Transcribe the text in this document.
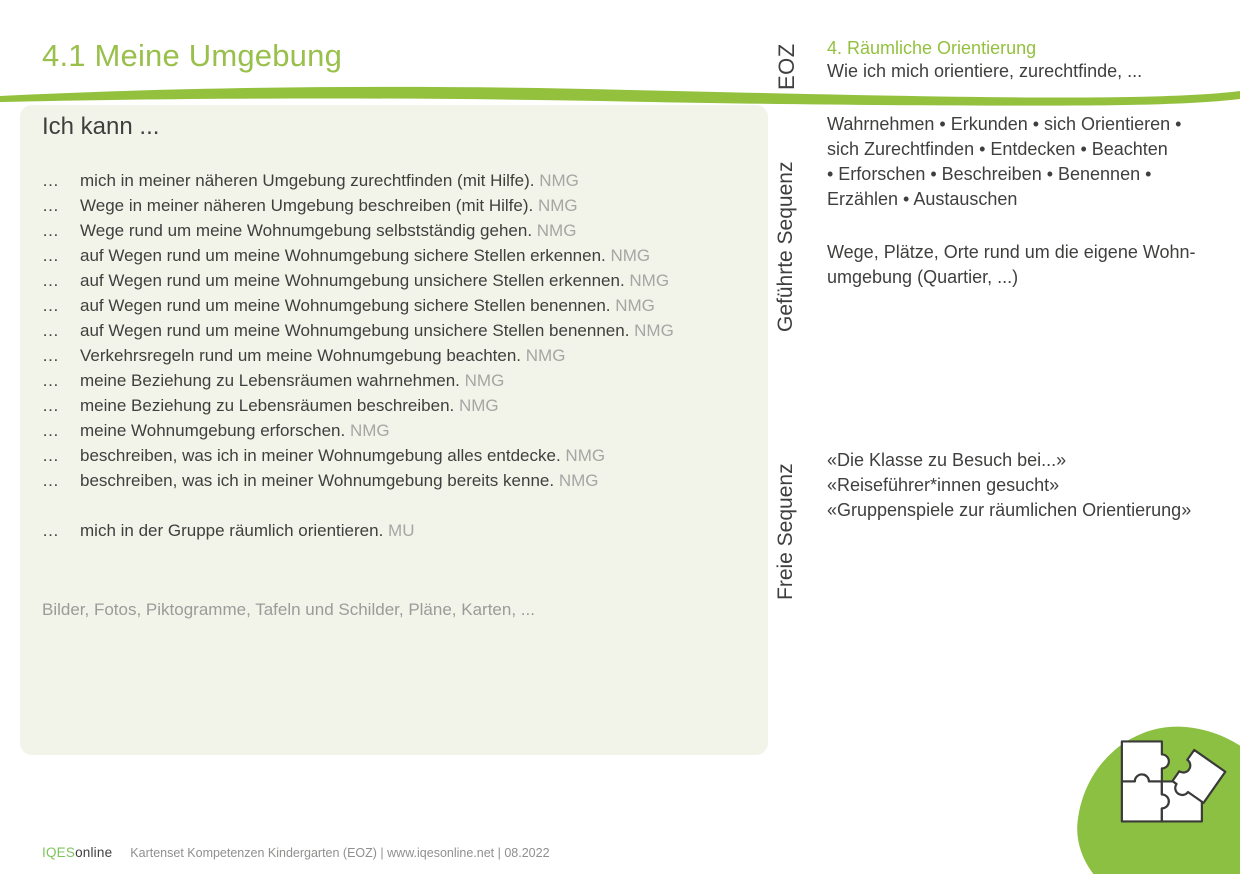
4.1 Meine Umgebung	EOZ 4. Räumliche Orientierung
Wie ich mich orientiere, zurechtfinde, ...
Ich kann ...
…	mich in meiner näheren Umgebung zurechtfinden (mit Hilfe). NMG
…	Wege in meiner näheren Umgebung beschreiben (mit Hilfe). NMG
…	Wege rund um meine Wohnumgebung selbstständig gehen. NMG
…	auf Wegen rund um meine Wohnumgebung sichere Stellen erkennen. NMG
…	auf Wegen rund um meine Wohnumgebung unsichere Stellen erkennen. NMG
…	auf Wegen rund um meine Wohnumgebung sichere Stellen benennen. NMG
…	auf Wegen rund um meine Wohnumgebung unsichere Stellen benennen. NMG
…	Verkehrsregeln rund um meine Wohnumgebung beachten. NMG
…	meine Beziehung zu Lebensräumen wahrnehmen. NMG
…	meine Beziehung zu Lebensräumen beschreiben. NMG
…	meine Wohnumgebung erforschen. NMG
…	beschreiben, was ich in meiner Wohnumgebung alles entdecke. NMG
…	beschreiben, was ich in meiner Wohnumgebung bereits kenne. NMG
…	mich in der Gruppe räumlich orientieren. MU
Bilder, Fotos, Piktogramme, Tafeln und Schilder, Pläne, Karten, ...
Geführte Sequenz
Wahrnehmen • Erkunden • sich Orientieren •
sich Zurechtfinden • Entdecken • Beachten
• Erforschen • Beschreiben • Benennen •
Erzählen • Austauschen
Wege, Plätze, Orte rund um die eigene Wohn-
umgebung (Quartier, ...)
Freie Sequenz
«Die Klasse zu Besuch bei...»
«Reiseführer*innen gesucht»
«Gruppenspiele zur räumlichen Orientierung»
IQESonline Kartenset Kompetenzen Kindergarten (EOZ) | www.iqesonline.net | 08.2022
